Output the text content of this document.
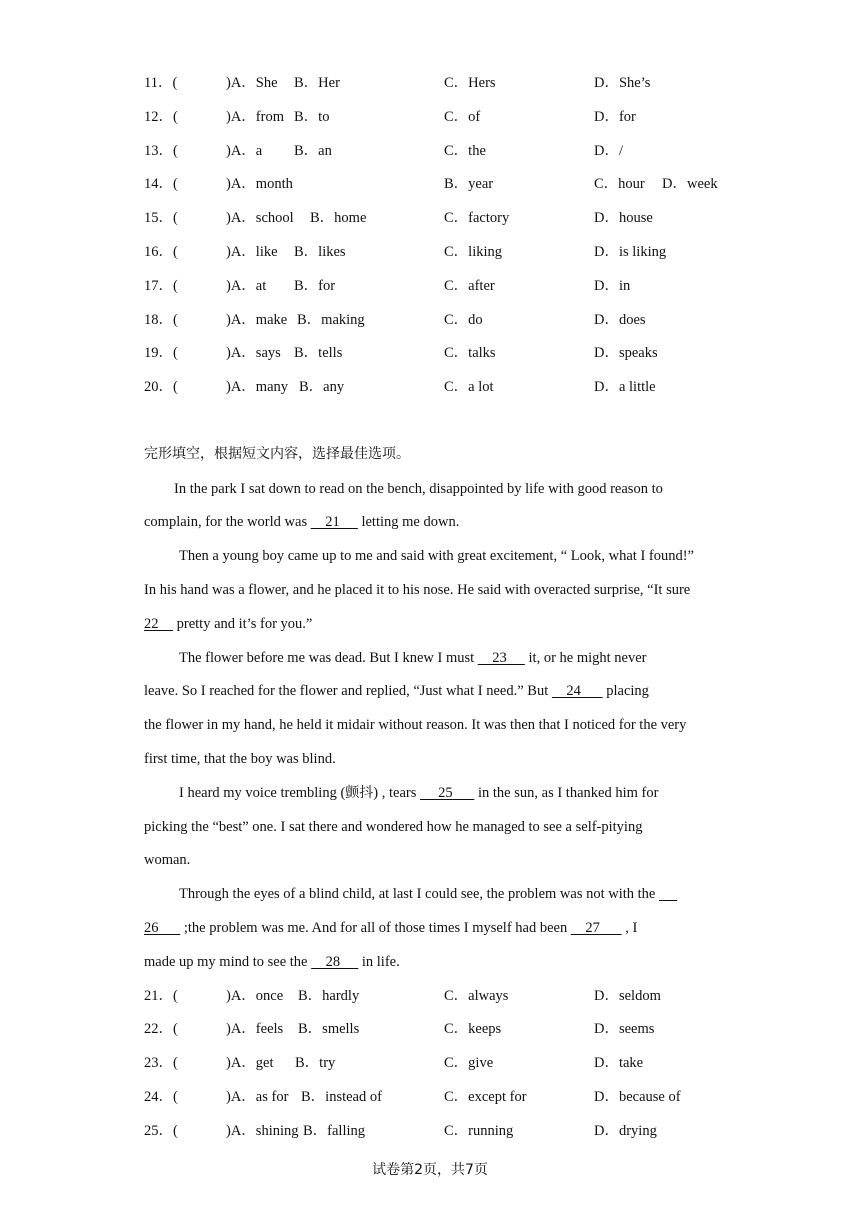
11．(	)A．She B．Her	C．Hers	D．She’s
12．(	)A．from B．to	C．of	D．for
13．(	)A．a B．an	C．the	D．/
14．(	)A．month	B．year	C．hour D．week
15．(	)A．school B．home	C．factory	D．house
16．(	)A．like B．likes	C．liking	D．is liking
17．(	)A．at B．for	C．after	D．in
18．(	)A．make B．making	C．do	D．does
19．(	)A．says B．tells	C．talks	D．speaks
20．(	)A．many B．any	C．a lot	D．a little
完形填空，根据短文内容，选择最佳选项。
In the park I sat down to read on the bench, disappointed by life with good reason to
complain, for the world was     21      letting me down.
Then a young boy came up to me and said with great excitement, “ Look, what I found!”
In his hand was a flower, and he placed it to his nose. He said with overacted surprise, “It sure
22     pretty and it’s for you.”
The flower before me was dead. But I knew I must     23      it, or he might never
leave. So I reached for the flower and replied, “Just what I need.” But     24       placing
the flower in my hand, he held it midair without reason. It was then that I noticed for the very
first time, that the boy was blind.
I heard my voice trembling (颤抖) , tears      25       in the sun, as I thanked him for
picking the “best” one. I sat there and wondered how he managed to see a self-pitying
woman.
Through the eyes of a blind child, at last I could see, the problem was not with the
26       ;the problem was me. And for all of those times I myself had been     27       , I
made up my mind to see the     28      in life.
21．(	)A．once B．hardly	C．always	D．seldom
22．(	)A．feels B．smells	C．keeps	D．seems
23．(	)A．get B．try	C．give	D．take
24．(	)A．as for B．instead of	C．except for	D．because of
25．(	)A．shining B．falling	C．running	D．drying
试卷第2页，共7页
